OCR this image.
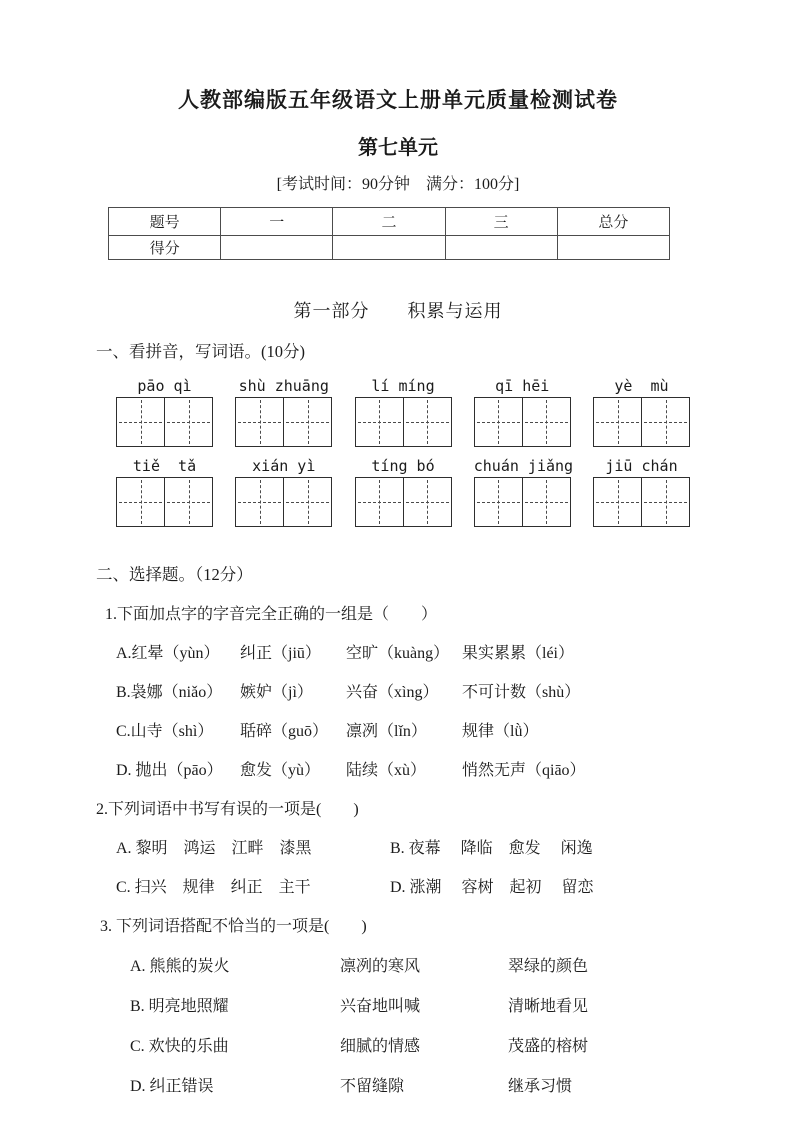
人教部编版五年级语文上册单元质量检测试卷
第七单元
[考试时间：90分钟　满分：100分]
题号	一	二	三	总分
得分				
第一部分　　积累与运用
一、看拼音，写词语。(10分)
pāo qì	shù zhuāng	lí míng	qī hēi	yè  mù
tiě  tǎ	xián yì	tíng bó	chuán jiǎng	jiū chán
二、选择题。（12分）
1.下面加点字的字音完全正确的一组是（　　）
A.红晕（yùn）	纠正（jiū）	空旷（kuàng） 果实累累（léi）
B.袅娜（niǎo）	嫉妒（jì）	兴奋（xìng）	不可计数（shù）
C.山寺（shì）	聒碎（guō）	凛冽（lǐn）	规律（lǜ）
D. 抛出（pāo）	愈发（yù）	陆续（xù）	悄然无声（qiāo）
2.下列词语中书写有误的一项是(　　)
A. 黎明　鸿运　江畔　漆黑	B. 夜幕　 降临　愈发　 闲逸
C. 扫兴　规律　纠正　主干	D. 涨潮　 容树　起初　 留恋
3. 下列词语搭配不恰当的一项是(　　)
A. 熊熊的炭火	凛冽的寒风	翠绿的颜色
B. 明亮地照耀	兴奋地叫喊	清晰地看见
C. 欢快的乐曲	细腻的情感	茂盛的榕树
D. 纠正错误	不留缝隙	继承习惯
